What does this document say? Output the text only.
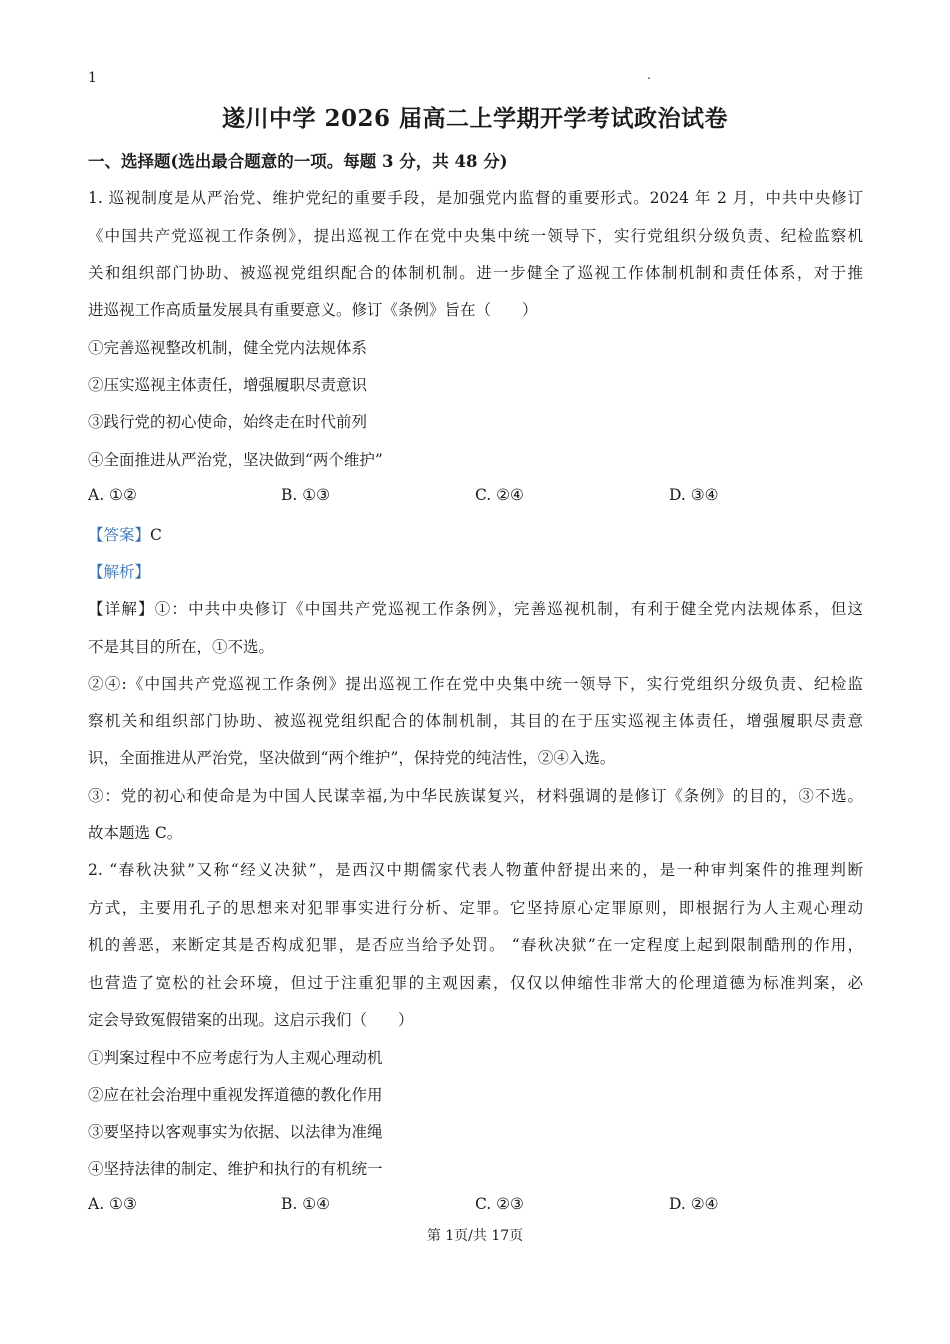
1	.
遂川中学 2026 届高二上学期开学考试政治试卷
一、选择题(选出最合题意的一项。每题 3 分，共 48 分)
1. 巡视制度是从严治党、维护党纪的重要手段，是加强党内监督的重要形式。2024 年 2 月，中共中央修订
《中国共产党巡视工作条例》，提出巡视工作在党中央集中统一领导下，实行党组织分级负责、纪检监察机
关和组织部门协助、被巡视党组织配合的体制机制。进一步健全了巡视工作体制机制和责任体系，对于推
进巡视工作高质量发展具有重要意义。修订《条例》旨在（　　）
①完善巡视整改机制，健全党内法规体系
②压实巡视主体责任，增强履职尽责意识
③践行党的初心使命，始终走在时代前列
④全面推进从严治党，坚决做到“两个维护”
A. ①②	B. ①③	C. ②④	D. ③④
【答案】C
【解析】
【详解】①：中共中央修订《中国共产党巡视工作条例》，完善巡视机制，有利于健全党内法规体系，但这
不是其目的所在，①不选。
②④:《中国共产党巡视工作条例》提出巡视工作在党中央集中统一领导下，实行党组织分级负责、纪检监
察机关和组织部门协助、被巡视党组织配合的体制机制，其目的在于压实巡视主体责任，增强履职尽责意
识，全面推进从严治党，坚决做到“两个维护”，保持党的纯洁性，②④入选。
③：党的初心和使命是为中国人民谋幸福,为中华民族谋复兴，材料强调的是修订《条例》的目的，③不选。
故本题选 C。
2. “春秋决狱”又称“经义决狱”，是西汉中期儒家代表人物董仲舒提出来的，是一种审判案件的推理判断
方式，主要用孔子的思想来对犯罪事实进行分析、定罪。它坚持原心定罪原则，即根据行为人主观心理动
机的善恶，来断定其是否构成犯罪，是否应当给予处罚。 “春秋决狱”在一定程度上起到限制酷刑的作用，
也营造了宽松的社会环境，但过于注重犯罪的主观因素，仅仅以伸缩性非常大的伦理道德为标准判案，必
定会导致冤假错案的出现。这启示我们（　　）
①判案过程中不应考虑行为人主观心理动机
②应在社会治理中重视发挥道德的教化作用
③要坚持以客观事实为依据、以法律为准绳
④坚持法律的制定、维护和执行的有机统一
A. ①③	B. ①④	C. ②③	D. ②④
第 1页/共 17页
